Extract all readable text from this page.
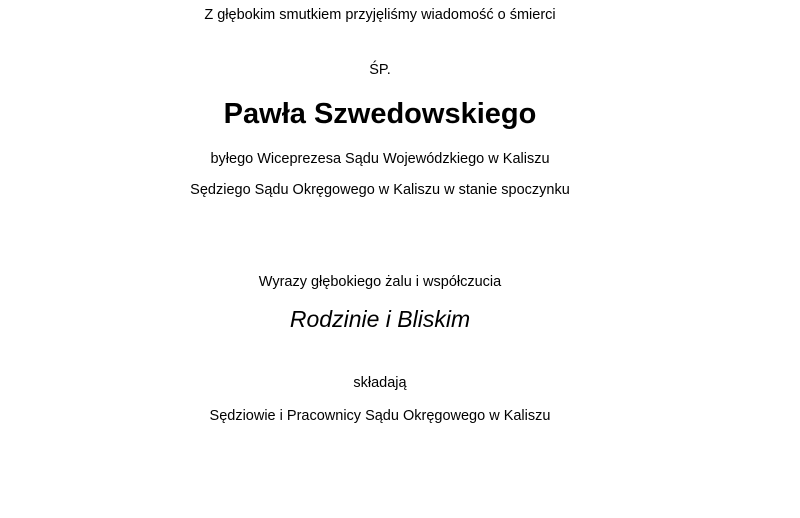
Z głębokim smutkiem przyjęliśmy wiadomość o śmierci
ŚP.
Pawła Szwedowskiego
byłego Wiceprezesa Sądu Wojewódzkiego w Kaliszu
Sędziego Sądu Okręgowego w Kaliszu w stanie spoczynku
Wyrazy głębokiego żalu i współczucia
Rodzinie i Bliskim
składają
Sędziowie i Pracownicy Sądu Okręgowego w Kaliszu
